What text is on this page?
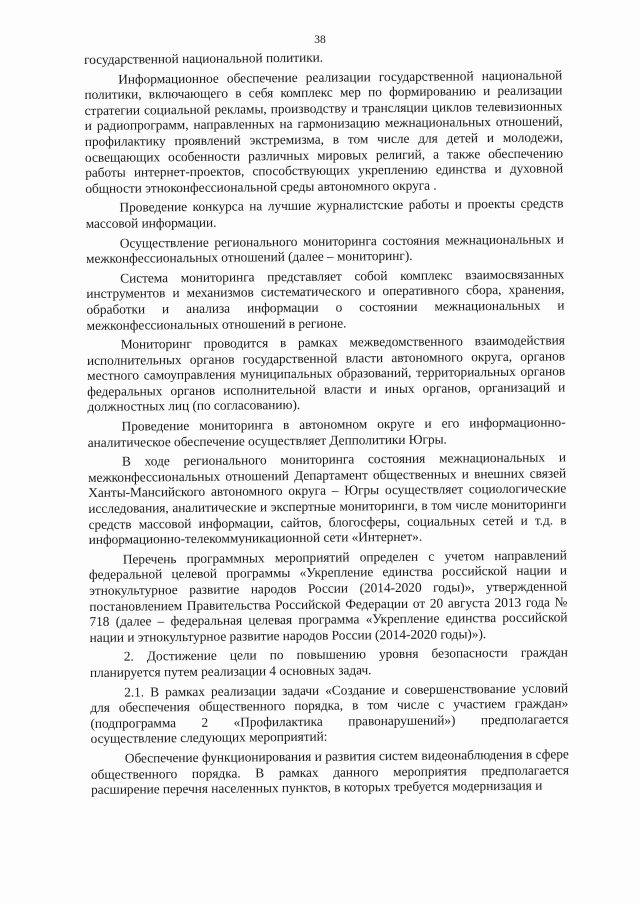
38

государственной национальной политики.

Информационное обеспечение реализации государственной национальной политики, включающего в себя комплекс мер по формированию и реализации стратегии социальной рекламы, производству и трансляции циклов телевизионных и радиопрограмм, направленных на гармонизацию межнациональных отношений, профилактику проявлений экстремизма, в том числе для детей и молодежи, освещающих особенности различных мировых религий, а также обеспечению работы интернет-проектов, способствующих укреплению единства и духовной общности этноконфессиональной среды автономного округа .

Проведение конкурса на лучшие журналистские работы и проекты средств массовой информации.

Осуществление регионального мониторинга состояния межнациональных и межконфессиональных отношений (далее – мониторинг).

Система мониторинга представляет собой комплекс взаимосвязанных инструментов и механизмов систематического и оперативного сбора, хранения, обработки и анализа информации о состоянии межнациональных и межконфессиональных отношений в регионе.

Мониторинг проводится в рамках межведомственного взаимодействия исполнительных органов государственной власти автономного округа, органов местного самоуправления муниципальных образований, территориальных органов федеральных органов исполнительной власти и иных органов, организаций и должностных лиц (по согласованию).

Проведение мониторинга в автономном округе и его информационно-аналитическое обеспечение осуществляет Депполитики Югры.

В ходе регионального мониторинга состояния межнациональных и межконфессиональных отношений Департамент общественных и внешних связей Ханты-Мансийского автономного округа – Югры осуществляет социологические исследования, аналитические и экспертные мониторинги, в том числе мониторинги средств массовой информации, сайтов, блогосферы, социальных сетей и т.д. в информационно-телекоммуникационной сети «Интернет».

Перечень программных мероприятий определен с учетом направлений федеральной целевой программы «Укрепление единства российской нации и этнокультурное развитие народов России (2014-2020 годы)», утвержденной постановлением Правительства Российской Федерации от 20 августа 2013 года № 718 (далее – федеральная целевая программа «Укрепление единства российской нации и этнокультурное развитие народов России (2014-2020 годы)»).

2. Достижение цели по повышению уровня безопасности граждан планируется путем реализации 4 основных задач.

2.1. В рамках реализации задачи «Создание и совершенствование условий для обеспечения общественного порядка, в том числе с участием граждан» (подпрограмма 2 «Профилактика правонарушений») предполагается осуществление следующих мероприятий:

Обеспечение функционирования и развития систем видеонаблюдения в сфере общественного порядка. В рамках данного мероприятия предполагается расширение перечня населенных пунктов, в которых требуется модернизация и
